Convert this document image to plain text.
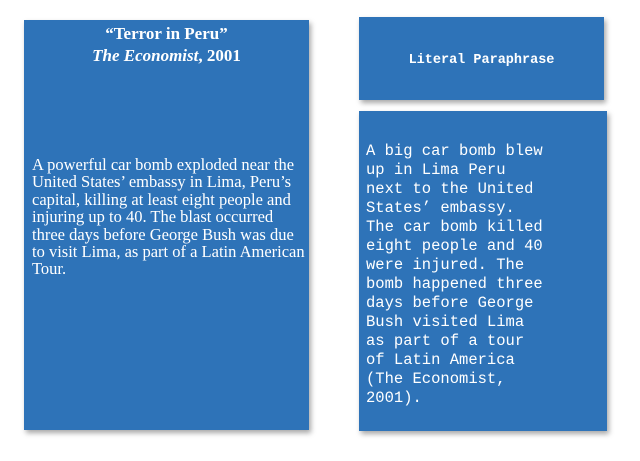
“Terror in Peru”
The Economist, 2001
A powerful car bomb exploded near the United States’ embassy in Lima, Peru’s capital, killing at least eight people and injuring up to 40. The blast occurred three days before George Bush was due to visit Lima, as part of a Latin American Tour.
Literal Paraphrase
A big car bomb blew
up in Lima Peru
next to the United
States’ embassy.
The car bomb killed
eight people and 40
were injured. The
bomb happened three
days before George
Bush visited Lima
as part of a tour
of Latin America
(The Economist,
2001).
